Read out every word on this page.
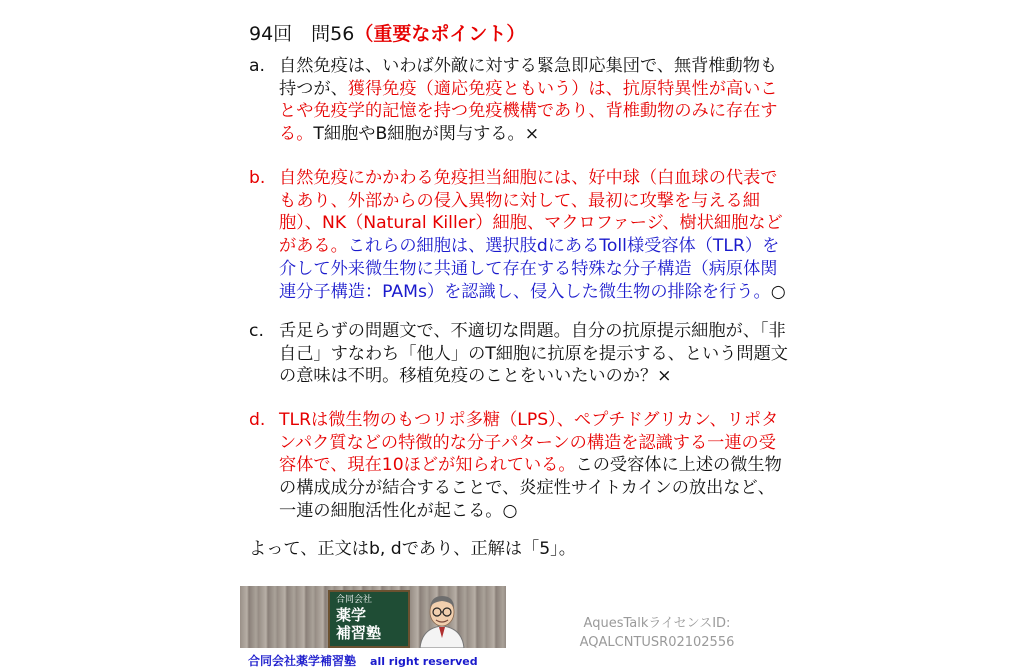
94回　問56（重要なポイント）
a. 自然免疫は、いわば外敵に対する緊急即応集団で、無背椎動物も持つが、獲得免疫（適応免疫ともいう）は、抗原特異性が高いことや免疫学的記憶を持つ免疫機構であり、背椎動物のみに存在する。T細胞やB細胞が関与する。×
b. 自然免疫にかかわる免疫担当細胞には、好中球（白血球の代表でもあり、外部からの侵入異物に対して、最初に攻撃を与える細胞）、NK（Natural Killer）細胞、マクロファージ、樹状細胞などがある。これらの細胞は、選択肢dにあるToll様受容体（TLR）を介して外来微生物に共通して存在する特殊な分子構造（病原体関連分子構造：PAMs）を認識し、侵入した微生物の排除を行う。○
c. 舌足らずの問題文で、不適切な問題。自分の抗原提示細胞が、「非自己」すなわち「他人」のT細胞に抗原を提示する、という問題文の意味は不明。移植免疫のことをいいたいのか？×
d. TLRは微生物のもつリポ多糖（LPS）、ペプチドグリカン、リポタンパク質などの特徴的な分子パターンの構造を認識する一連の受容体で、現在10ほどが知られている。この受容体に上述の微生物の構成成分が結合することで、炎症性サイトカインの放出など、一連の細胞活性化が起こる。○
よって、正文はb, dであり、正解は「5」。
合同会社
薬学
補習塾
合同会社薬学補習塾 all right reserved
AquesTalkライセンスID:
AQALCNTUSR02102556
